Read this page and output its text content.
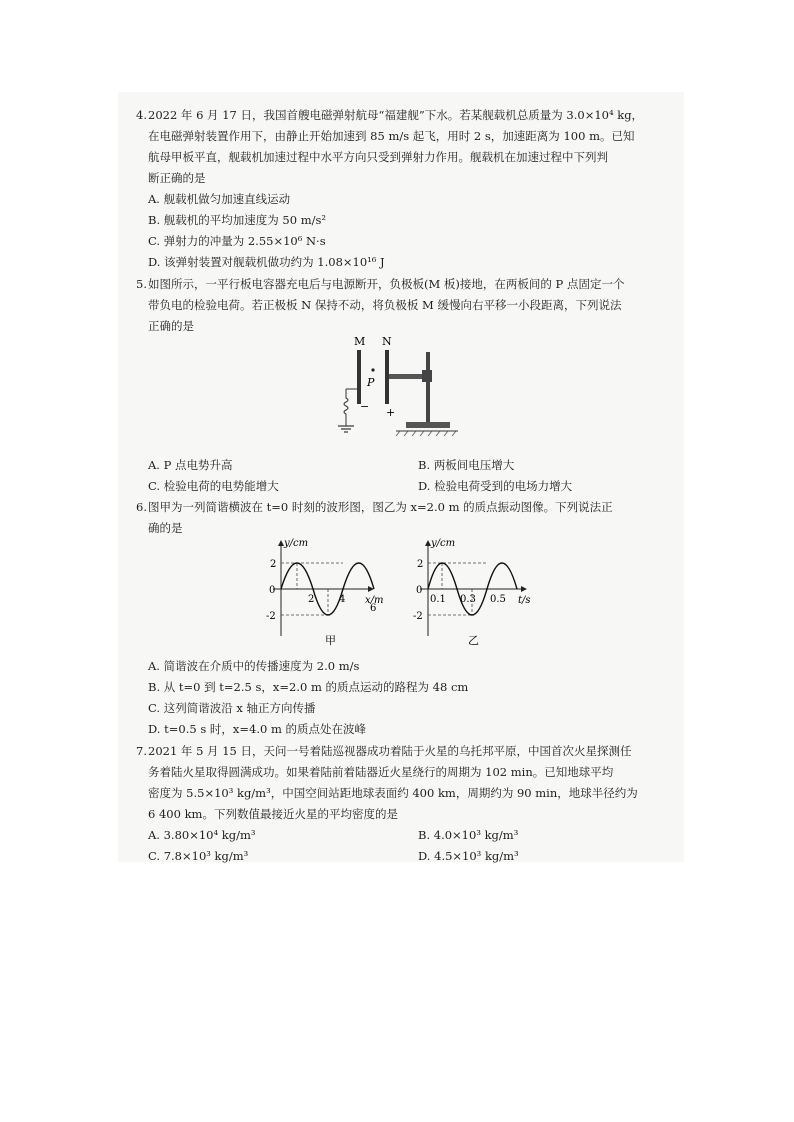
4. 2022 年 6 月 17 日，我国首艘电磁弹射航母“福建舰”下水。若某舰载机总质量为 3.0×10⁴ kg，
在电磁弹射装置作用下，由静止开始加速到 85 m/s 起飞，用时 2 s，加速距离为 100 m。已知
航母甲板平直，舰载机加速过程中水平方向只受到弹射力作用。舰载机在加速过程中下列判
断正确的是
A. 舰载机做匀加速直线运动
B. 舰载机的平均加速度为 50 m/s²
C. 弹射力的冲量为 2.55×10⁶ N·s
D. 该弹射装置对舰载机做功约为 1.08×10¹⁶ J
5. 如图所示，一平行板电容器充电后与电源断开，负极板(M 板)接地，在两板间的 P 点固定一个
带负电的检验电荷。若正极板 N 保持不动，将负极板 M 缓慢向右平移一小段距离，下列说法
正确的是
M N
P
− +
A. P 点电势升高	B. 两板间电压增大
C. 检验电荷的电势能增大	D. 检验电荷受到的电场力增大
6. 图甲为一列简谐横波在 t=0 时刻的波形图，图乙为 x=2.0 m 的质点振动图像。下列说法正
确的是
y/cm
x/m
0
2
-2
2 4
6
甲
y/cm
t/s
0
2
-2
0.1 0.3 0.5
乙
A. 简谐波在介质中的传播速度为 2.0 m/s
B. 从 t=0 到 t=2.5 s，x=2.0 m 的质点运动的路程为 48 cm
C. 这列简谐波沿 x 轴正方向传播
D. t=0.5 s 时，x=4.0 m 的质点处在波峰
7. 2021 年 5 月 15 日，天问一号着陆巡视器成功着陆于火星的乌托邦平原，中国首次火星探测任
务着陆火星取得圆满成功。如果着陆前着陆器近火星绕行的周期为 102 min。已知地球平均
密度为 5.5×10³ kg/m³，中国空间站距地球表面约 400 km，周期约为 90 min，地球半径约为
6 400 km。下列数值最接近火星的平均密度的是
A. 3.80×10⁴ kg/m³	B. 4.0×10³ kg/m³
C. 7.8×10³ kg/m³	D. 4.5×10³ kg/m³
